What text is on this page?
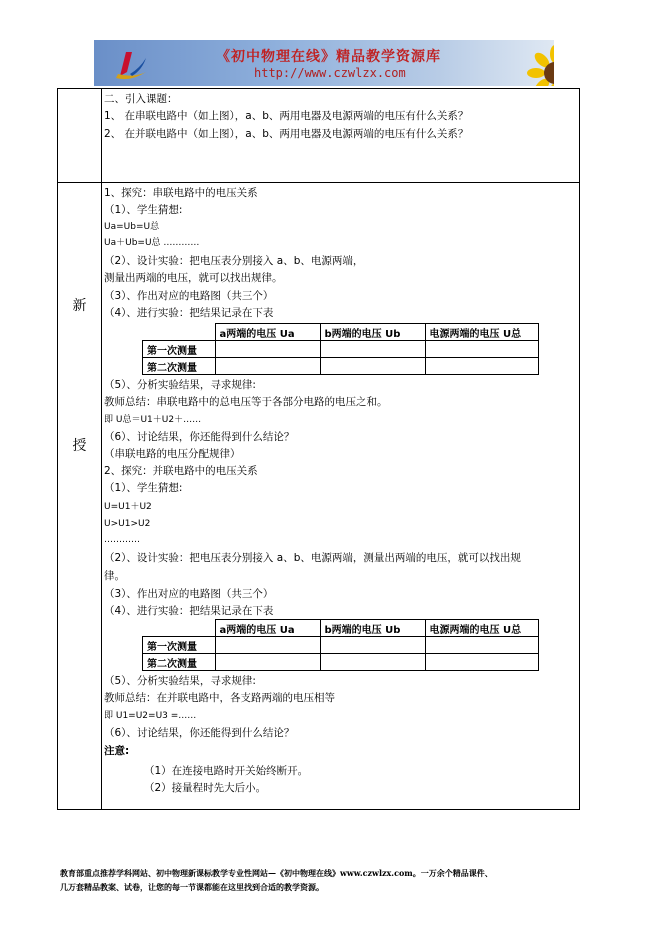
《初中物理在线》精品教学资源库
http://www.czwlzx.com
新
授
二、引入课题：
1、 在串联电路中（如上图），a、b、两用电器及电源两端的电压有什么关系？
2、 在并联电路中（如上图），a、b、两用电器及电源两端的电压有什么关系？
1、探究：串联电路中的电压关系
（1）、学生猜想:
Ua=Ub=U总
Ua＋Ub=U总 …………
（2）、设计实验：把电压表分别接入 a、b、电源两端，
测量出两端的电压，就可以找出规律。
（3）、作出对应的电路图（共三个）
（4）、进行实验：把结果记录在下表
	a两端的电压 Ua	b两端的电压 Ub	电源两端的电压 U总
第一次测量			
第二次测量			
（5）、分析实验结果，寻求规律:
教师总结：串联电路中的总电压等于各部分电路的电压之和。
即 U总＝U1＋U2＋……
（6）、讨论结果，你还能得到什么结论？
（串联电路的电压分配规律）
2、探究：并联电路中的电压关系
（1）、学生猜想:
U=U1＋U2
U>U1>U2
…………
（2）、设计实验：把电压表分别接入 a、b、电源两端，测量出两端的电压，就可以找出规
律。
（3）、作出对应的电路图（共三个）
（4）、进行实验：把结果记录在下表
	a两端的电压 Ua	b两端的电压 Ub	电源两端的电压 U总
第一次测量			
第二次测量			
（5）、分析实验结果，寻求规律:
教师总结：在并联电路中，各支路两端的电压相等
即 U1=U2=U3 =……
（6）、讨论结果，你还能得到什么结论？
注意:
（1）在连接电路时开关始终断开。
（2）接量程时先大后小。
教育部重点推荐学科网站、初中物理新课标教学专业性网站—《初中物理在线》www.czwlzx.com。一万余个精品课件、
几万套精品教案、试卷，让您的每一节课都能在这里找到合适的教学资源。
